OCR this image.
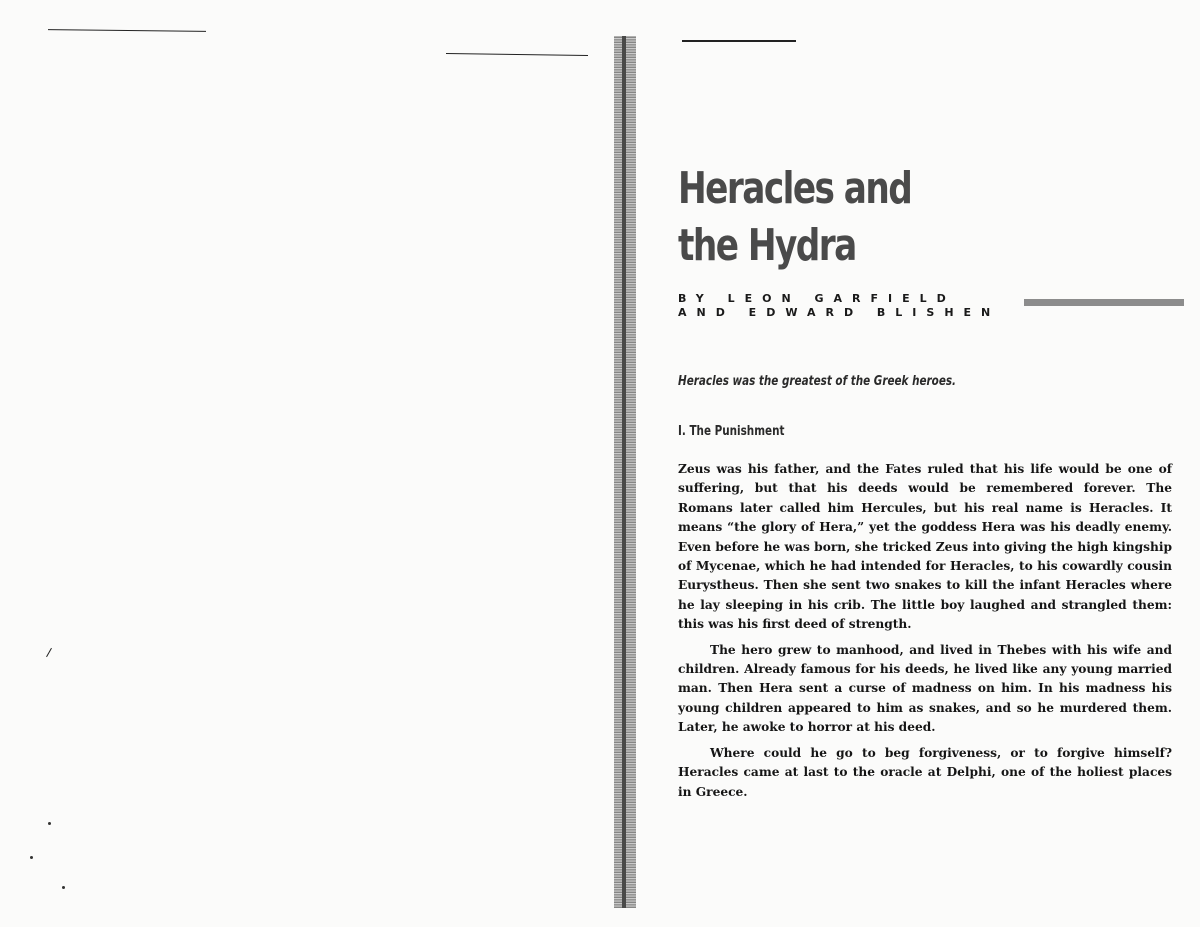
Heracles and
the Hydra
BY LEON GARFIELD
AND EDWARD BLISHEN
Heracles was the greatest of the Greek heroes.
I. The Punishment

Zeus was his father, and the Fates ruled that his life would be one of suffering, but that his deeds would be remembered forever. The Romans later called him Hercules, but his real name is Heracles. It means “the glory of Hera,” yet the goddess Hera was his deadly enemy. Even before he was born, she tricked Zeus into giving the high kingship of Mycenae, which he had intended for Heracles, to his cowardly cousin Eurystheus. Then she sent two snakes to kill the infant Heracles where he lay sleeping in his crib. The little boy laughed and strangled them: this was his first deed of strength.

The hero grew to manhood, and lived in Thebes with his wife and children. Already famous for his deeds, he lived like any young married man. Then Hera sent a curse of madness on him. In his madness his young children appeared to him as snakes, and so he murdered them. Later, he awoke to horror at his deed.

Where could he go to beg forgiveness, or to forgive himself? Heracles came at last to the oracle at Delphi, one of the holiest places in Greece.
